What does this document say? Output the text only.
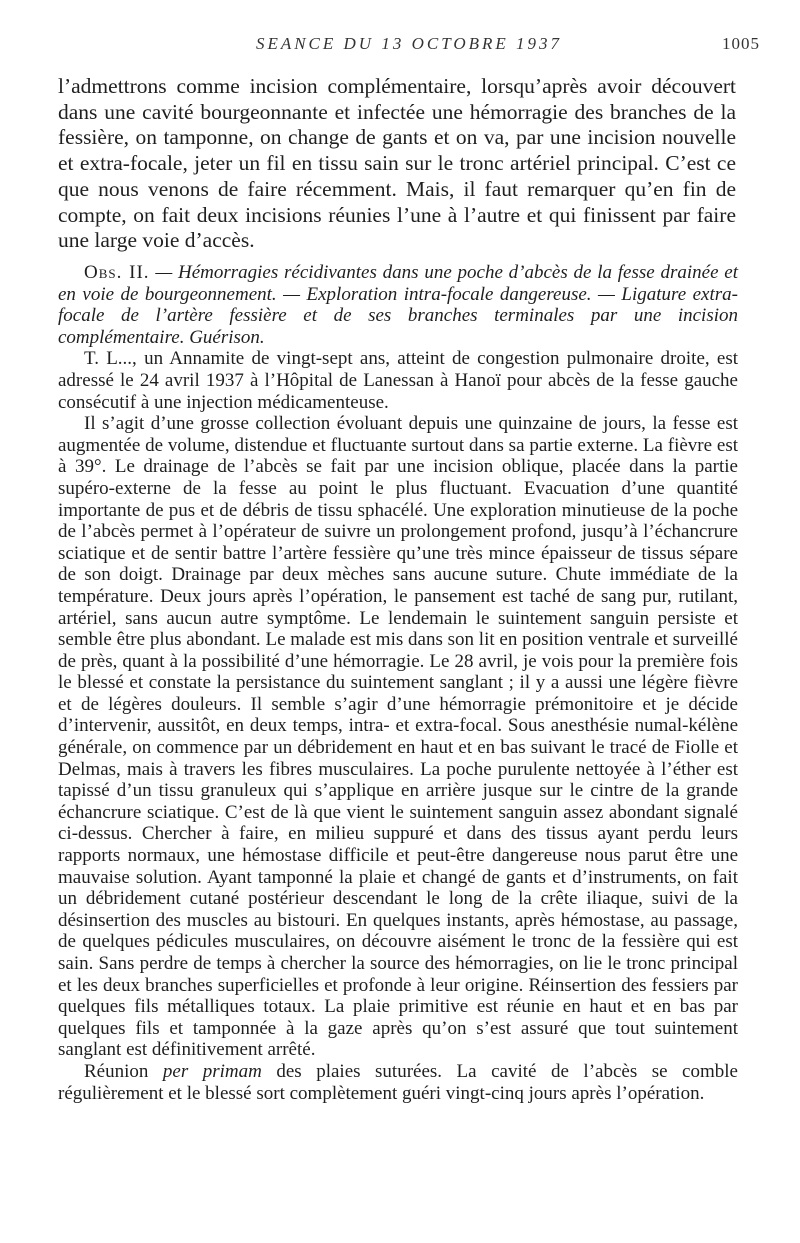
SEANCE DU 13 OCTOBRE 1937	1005

l’admettrons comme incision complémentaire, lorsqu’après avoir découvert dans une cavité bourgeonnante et infectée une hémorragie des branches de la fessière, on tamponne, on change de gants et on va, par une incision nouvelle et extra-focale, jeter un fil en tissu sain sur le tronc artériel principal. C’est ce que nous venons de faire récemment. Mais, il faut remarquer qu’en fin de compte, on fait deux incisions réunies l’une à l’autre et qui finissent par faire une large voie d’accès.

Obs. II. — Hémorragies récidivantes dans une poche d’abcès de la fesse drainée et en voie de bourgeonnement. — Exploration intra-focale dangereuse. — Ligature extra-focale de l’artère fessière et de ses branches terminales par une incision complémentaire. Guérison.

T. L..., un Annamite de vingt-sept ans, atteint de congestion pulmonaire droite, est adressé le 24 avril 1937 à l’Hôpital de Lanessan à Hanoï pour abcès de la fesse gauche consécutif à une injection médicamenteuse.

Il s’agit d’une grosse collection évoluant depuis une quinzaine de jours, la fesse est augmentée de volume, distendue et fluctuante surtout dans sa partie externe. La fièvre est à 39°. Le drainage de l’abcès se fait par une incision oblique, placée dans la partie supéro-externe de la fesse au point le plus fluctuant. Evacuation d’une quantité importante de pus et de débris de tissu sphacélé. Une exploration minutieuse de la poche de l’abcès permet à l’opérateur de suivre un prolongement profond, jusqu’à l’échancrure sciatique et de sentir battre l’artère fessière qu’une très mince épaisseur de tissus sépare de son doigt. Drainage par deux mèches sans aucune suture. Chute immédiate de la température. Deux jours après l’opération, le pansement est taché de sang pur, rutilant, artériel, sans aucun autre symptôme. Le lendemain le suintement sanguin persiste et semble être plus abondant. Le malade est mis dans son lit en position ventrale et surveillé de près, quant à la possibilité d’une hémorragie. Le 28 avril, je vois pour la première fois le blessé et constate la persistance du suintement sanglant ; il y a aussi une légère fièvre et de légères douleurs. Il semble s’agir d’une hémorragie prémonitoire et je décide d’intervenir, aussitôt, en deux temps, intra- et extra-focal. Sous anesthésie numal-kélène générale, on commence par un débridement en haut et en bas suivant le tracé de Fiolle et Delmas, mais à travers les fibres musculaires. La poche purulente nettoyée à l’éther est tapissé d’un tissu granuleux qui s’applique en arrière jusque sur le cintre de la grande échancrure sciatique. C’est de là que vient le suintement sanguin assez abondant signalé ci-dessus. Chercher à faire, en milieu suppuré et dans des tissus ayant perdu leurs rapports normaux, une hémostase difficile et peut-être dangereuse nous parut être une mauvaise solution. Ayant tamponné la plaie et changé de gants et d’instruments, on fait un débridement cutané postérieur descendant le long de la crête iliaque, suivi de la désinsertion des muscles au bistouri. En quelques instants, après hémostase, au passage, de quelques pédicules musculaires, on découvre aisément le tronc de la fessière qui est sain. Sans perdre de temps à chercher la source des hémorragies, on lie le tronc principal et les deux branches superficielles et profonde à leur origine. Réinsertion des fessiers par quelques fils métalliques totaux. La plaie primitive est réunie en haut et en bas par quelques fils et tamponnée à la gaze après qu’on s’est assuré que tout suintement sanglant est définitivement arrêté.

Réunion per primam des plaies suturées. La cavité de l’abcès se comble régulièrement et le blessé sort complètement guéri vingt-cinq jours après l’opération.
